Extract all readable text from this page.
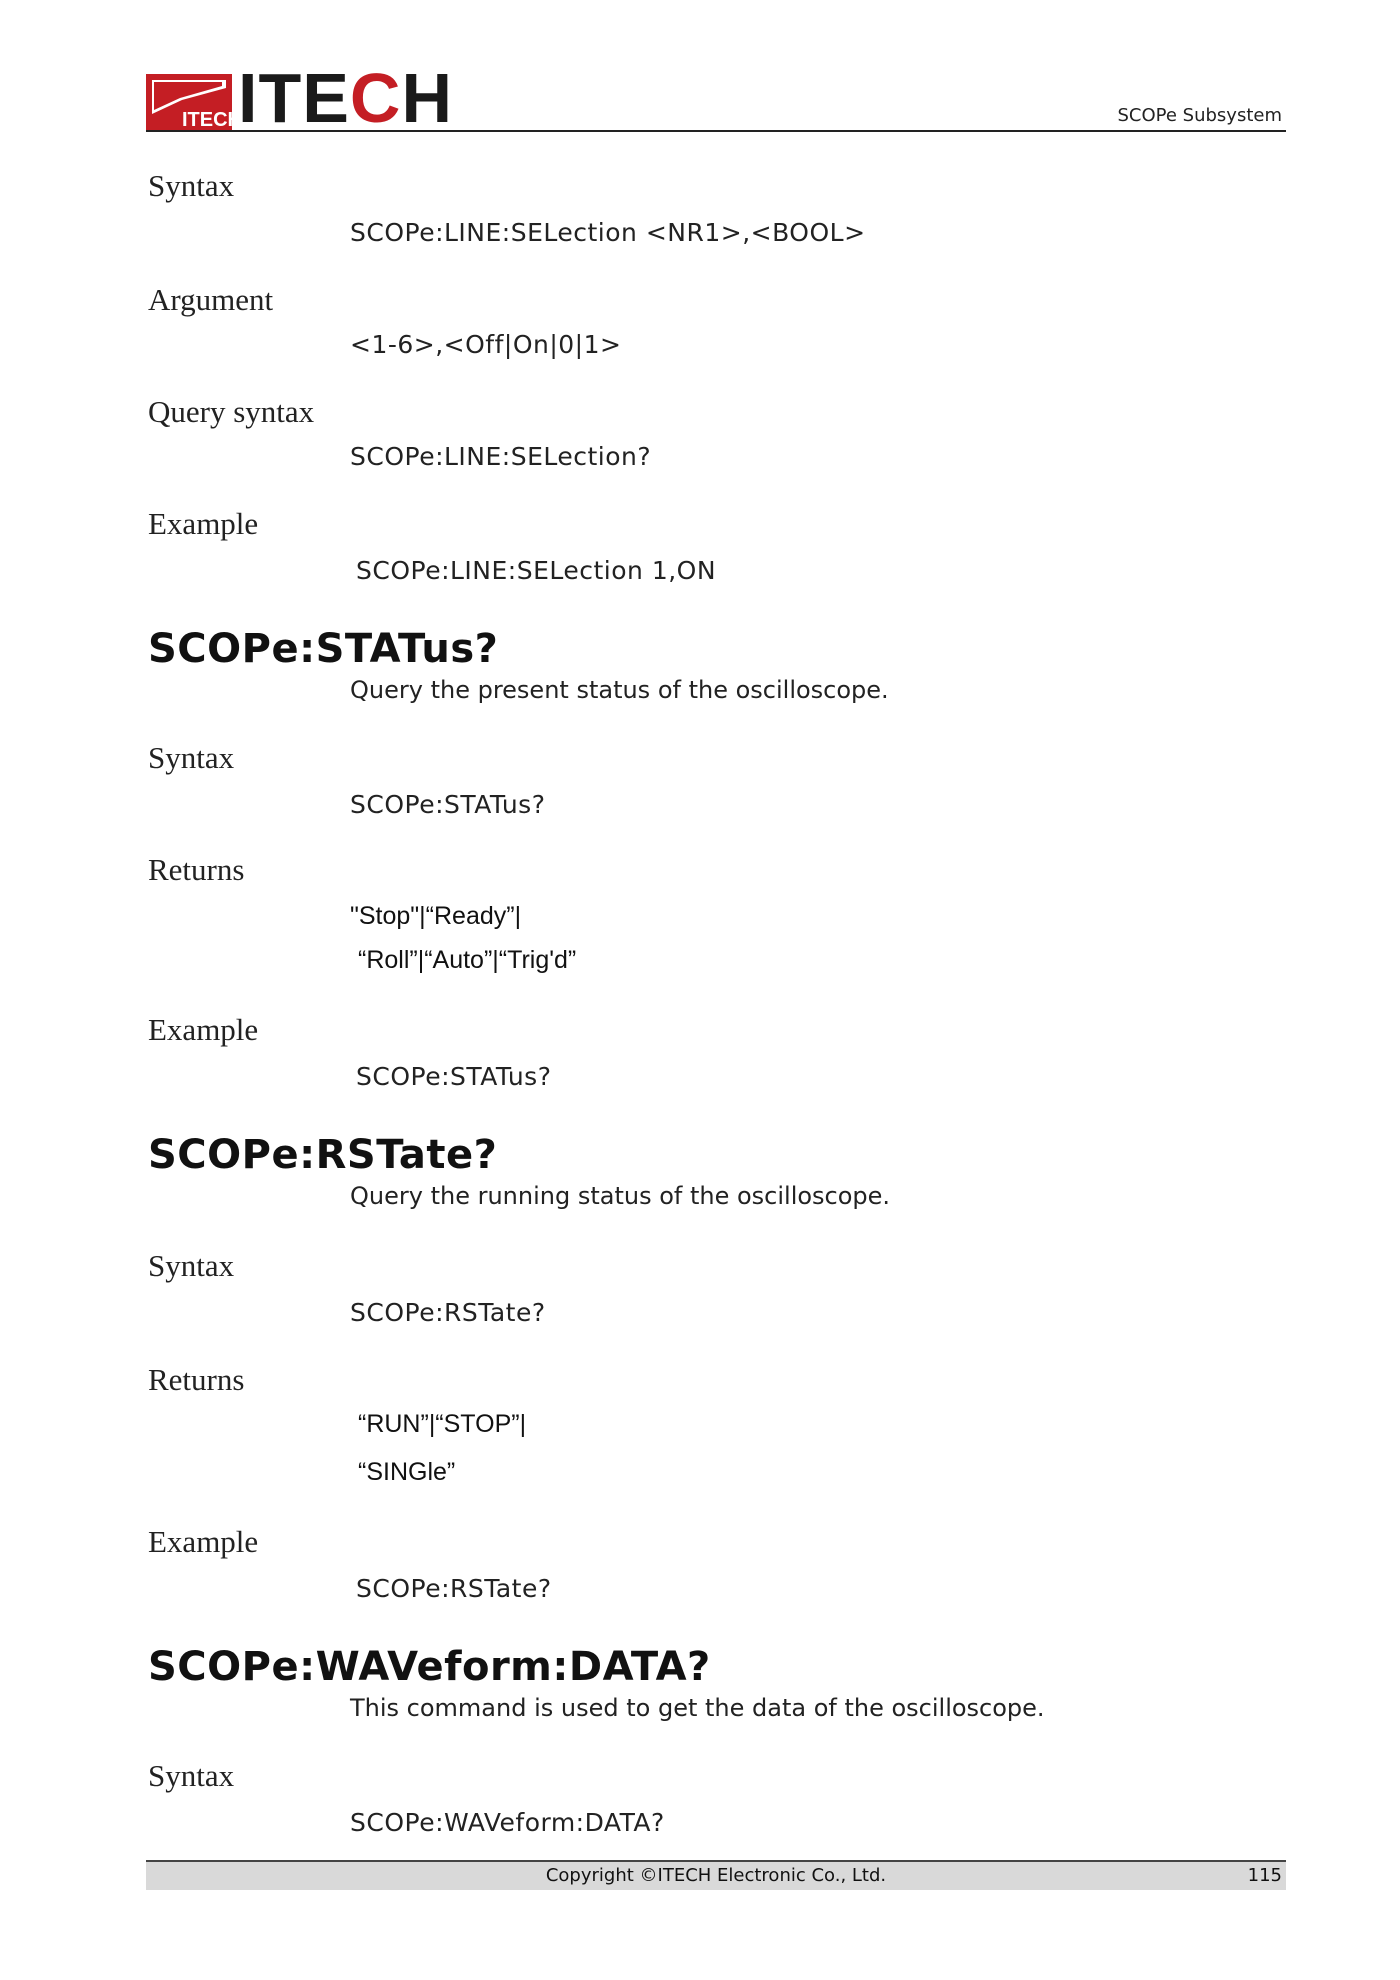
ITECH
ITECH	SCOPe Subsystem
Syntax
SCOPe:LINE:SELection <NR1>,<BOOL>
Argument
<1-6>,<Off|On|0|1>
Query syntax
SCOPe:LINE:SELection?
Example
SCOPe:LINE:SELection 1,ON
SCOPe:STATus?
Query the present status of the oscilloscope.
Syntax
SCOPe:STATus?
Returns
"Stop"|“Ready”|
“Roll”|“Auto”|“Trig'd”
Example
SCOPe:STATus?
SCOPe:RSTate?
Query the running status of the oscilloscope.
Syntax
SCOPe:RSTate?
Returns
“RUN”|“STOP”|
“SINGle”
Example
SCOPe:RSTate?
SCOPe:WAVeform:DATA?
This command is used to get the data of the oscilloscope.
Syntax
SCOPe:WAVeform:DATA?
Copyright ©ITECH Electronic Co., Ltd.	115
